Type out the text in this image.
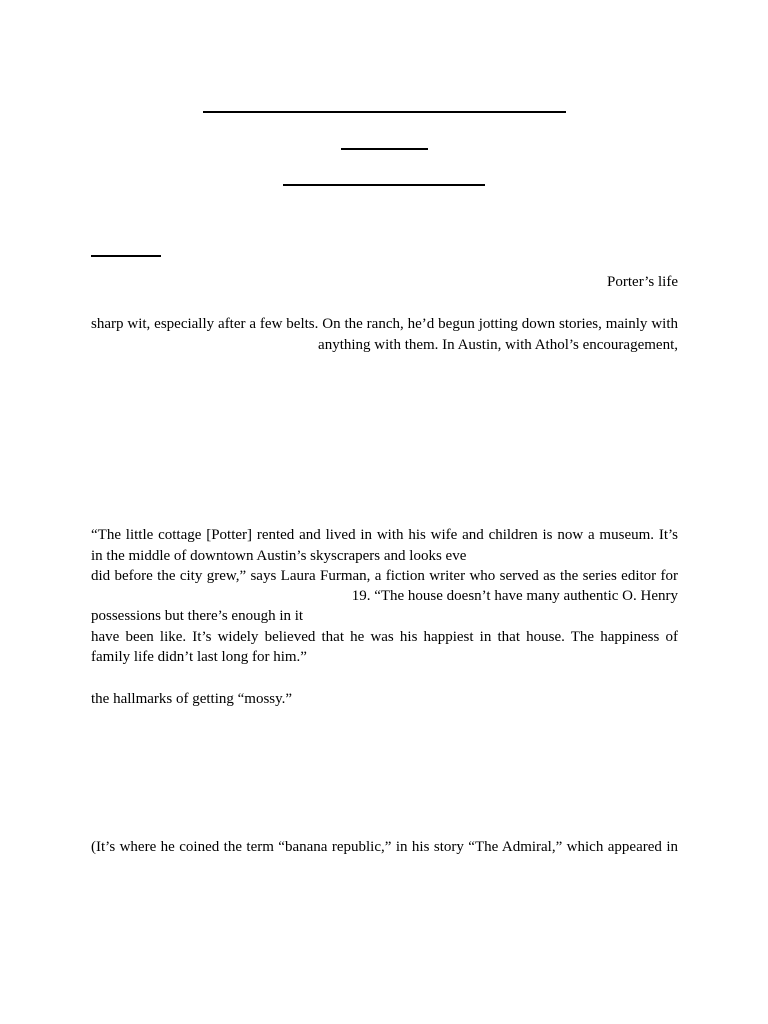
Porter’s life
sharp wit, especially after a few belts. On the ranch, he’d begun jotting down stories, mainly with
anything with them. In Austin, with Athol’s encouragement,
“The little cottage [Potter] rented and lived in with his wife and children is now a museum. It’s
in the middle of downtown Austin’s skyscrapers and looks eve
did before the city grew,” says Laura Furman, a fiction writer who served as the series editor for
19. “The house doesn’t have many authentic O. Henry
possessions but there’s enough in it
have been like. It’s widely believed that he was his happiest in that house. The happiness of
family life didn’t last long for him.”
the hallmarks of getting “mossy.”
(It’s where he coined the term “banana republic,” in his story “The Admiral,” which appeared in
